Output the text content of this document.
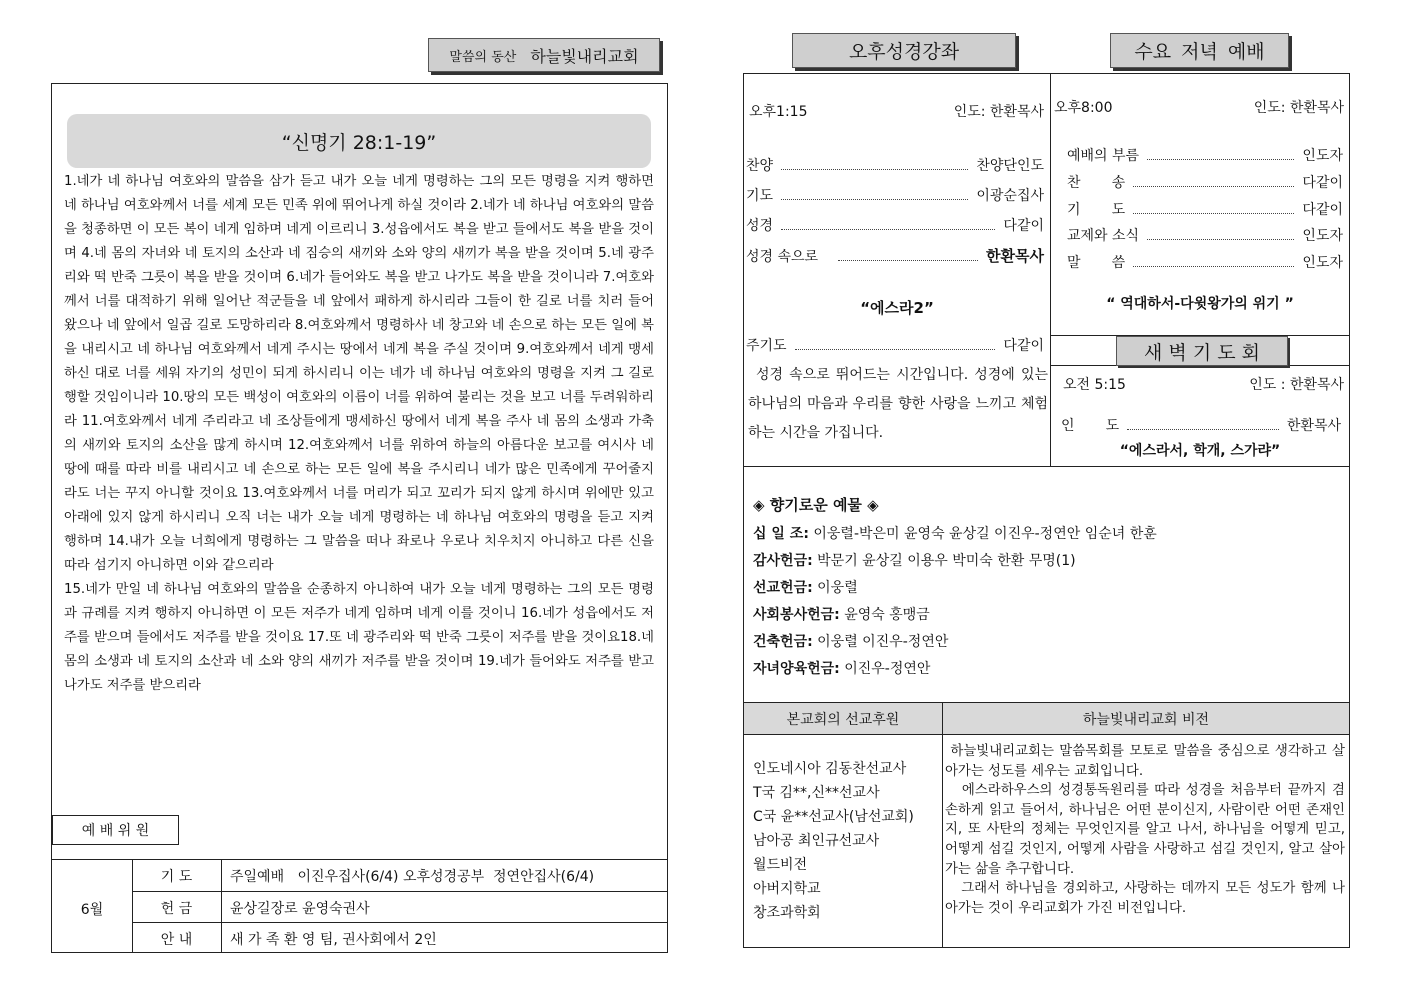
말씀의 동산 하늘빛내리교회
“신명기 28:1-19”

1.네가 네 하나님 여호와의 말씀을 삼가 듣고 내가 오늘 네게 명령하는 그의 모든 명령을 지켜 행하면 네 하나님 여호와께서 너를 세계 모든 민족 위에 뛰어나게 하실 것이라 2.네가 네 하나님 여호와의 말씀을 청종하면 이 모든 복이 네게 임하며 네게 이르리니 3.성읍에서도 복을 받고 들에서도 복을 받을 것이며 4.네 몸의 자녀와 네 토지의 소산과 네 짐승의 새끼와 소와 양의 새끼가 복을 받을 것이며 5.네 광주리와 떡 반죽 그릇이 복을 받을 것이며 6.네가 들어와도 복을 받고 나가도 복을 받을 것이니라 7.여호와께서 너를 대적하기 위해 일어난 적군들을 네 앞에서 패하게 하시리라 그들이 한 길로 너를 치러 들어왔으나 네 앞에서 일곱 길로 도망하리라 8.여호와께서 명령하사 네 창고와 네 손으로 하는 모든 일에 복을 내리시고 네 하나님 여호와께서 네게 주시는 땅에서 네게 복을 주실 것이며 9.여호와께서 네게 맹세하신 대로 너를 세워 자기의 성민이 되게 하시리니 이는 네가 네 하나님 여호와의 명령을 지켜 그 길로 행할 것임이니라 10.땅의 모든 백성이 여호와의 이름이 너를 위하여 불리는 것을 보고 너를 두려워하리라 11.여호와께서 네게 주리라고 네 조상들에게 맹세하신 땅에서 네게 복을 주사 네 몸의 소생과 가축의 새끼와 토지의 소산을 많게 하시며 12.여호와께서 너를 위하여 하늘의 아름다운 보고를 여시사 네 땅에 때를 따라 비를 내리시고 네 손으로 하는 모든 일에 복을 주시리니 네가 많은 민족에게 꾸어줄지라도 너는 꾸지 아니할 것이요 13.여호와께서 너를 머리가 되고 꼬리가 되지 않게 하시며 위에만 있고 아래에 있지 않게 하시리니 오직 너는 내가 오늘 네게 명령하는 네 하나님 여호와의 명령을 듣고 지켜 행하며 14.내가 오늘 너희에게 명령하는 그 말씀을 떠나 좌로나 우로나 치우치지 아니하고 다른 신을 따라 섬기지 아니하면 이와 같으리라

15.네가 만일 네 하나님 여호와의 말씀을 순종하지 아니하여 내가 오늘 네게 명령하는 그의 모든 명령과 규례를 지켜 행하지 아니하면 이 모든 저주가 네게 임하며 네게 이를 것이니 16.네가 성읍에서도 저주를 받으며 들에서도 저주를 받을 것이요 17.또 네 광주리와 떡 반죽 그릇이 저주를 받을 것이요18.네 몸의 소생과 네 토지의 소산과 네 소와 양의 새끼가 저주를 받을 것이며 19.네가 들어와도 저주를 받고 나가도 저주를 받으리라

예 배 위 원
6월
기 도	주일예배   이진우집사(6/4) 오후성경공부  정연안집사(6/4)
헌 금	윤상길장로 윤영숙권사
안 내	새 가 족 환 영 팀, 권사회에서 2인
오후성경강좌	수요 저녁 예배
오후1:15	인도: 한환목사
찬양	찬양단인도
기도	이광순집사
성경	다같이
성경 속으로	한환목사
“에스라2”
주기도	다같이

성경 속으로 뛰어드는 시간입니다. 성경에 있는 하나님의 마음과 우리를 향한 사랑을 느끼고 체험하는 시간을 가집니다.

오후8:00	인도: 한환목사
예배의 부름	인도자
찬       송	다같이
기       도	다같이
교제와 소식	인도자
말       씀	인도자
“ 역대하서-다윗왕가의 위기 ”
새 벽 기 도 회
오전 5:15	인도 : 한환목사
인       도	한환목사
“에스라서, 학개, 스가랴”
◈ 향기로운 예물 ◈
십 일 조: 이웅렬-박은미 윤영숙 윤상길 이진우-정연안 임순녀 한훈
감사헌금: 박문기 윤상길 이용우 박미숙 한환 무명(1)
선교헌금: 이웅렬
사회봉사헌금: 윤영숙 홍맹금
건축헌금: 이웅렬 이진우-정연안
자녀양육헌금: 이진우-정연안
본교회의 선교후원	하늘빛내리교회 비전
인도네시아 김동찬선교사
T국 김**,신**선교사
C국 윤**선교사(남선교회)
남아공 최인규선교사
월드비전
아버지학교
창조과학회

하늘빛내리교회는 말씀목회를 모토로 말씀을 중심으로 생각하고 살아가는 성도를 세우는 교회입니다.

에스라하우스의 성경통독원리를 따라 성경을 처음부터 끝까지 겸손하게 읽고 들어서, 하나님은 어떤 분이신지, 사람이란 어떤 존재인지, 또 사탄의 정체는 무엇인지를 알고 나서, 하나님을 어떻게 믿고, 어떻게 섬길 것인지, 어떻게 사람을 사랑하고 섬길 것인지, 알고 살아가는 삶을 추구합니다.

그래서 하나님을 경외하고, 사랑하는 데까지 모든 성도가 함께 나아가는 것이 우리교회가 가진 비전입니다.
